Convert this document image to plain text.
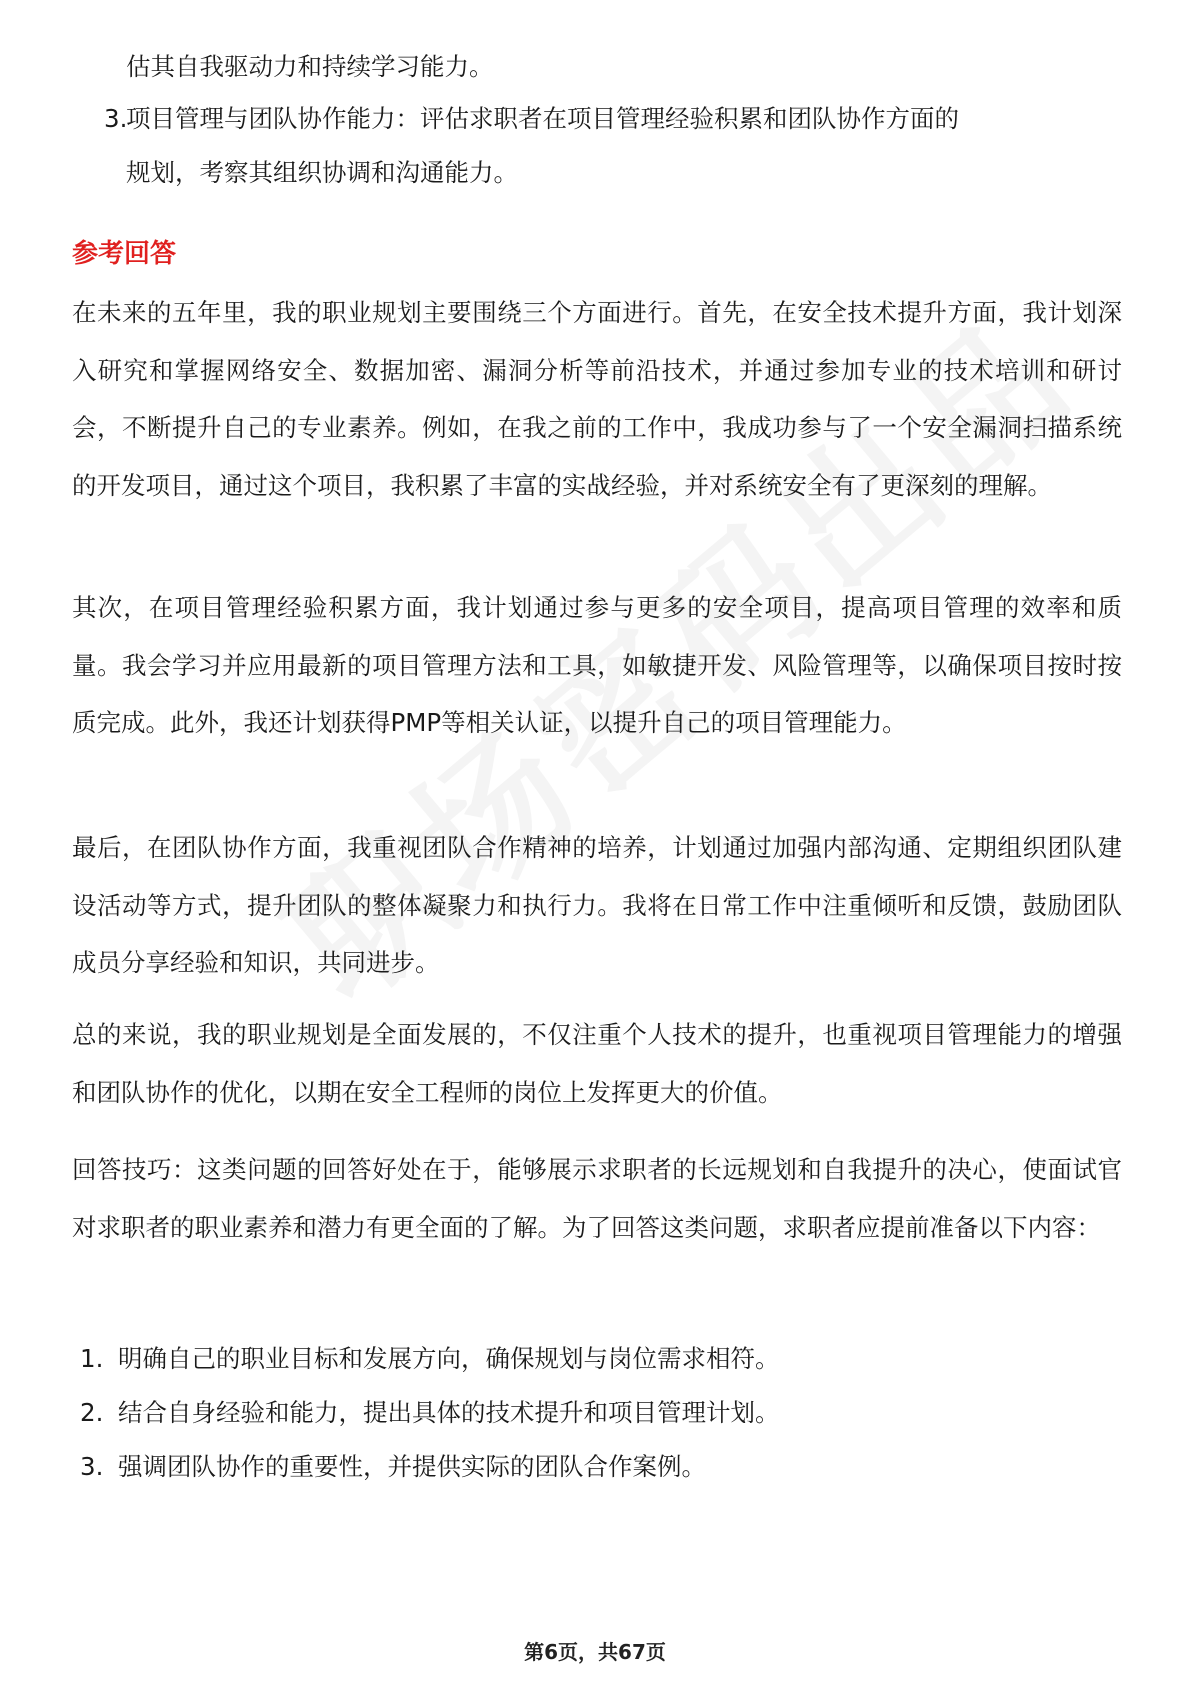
估其自我驱动力和持续学习能力。
3.
项目管理与团队协作能力：评估求职者在项目管理经验积累和团队协作方面的
规划，考察其组织协调和沟通能力。
参考回答

在未来的五年里，我的职业规划主要围绕三个方面进行。首先，在安全技术提升方面，我计划深入研究和掌握网络安全、数据加密、漏洞分析等前沿技术，并通过参加专业的技术培训和研讨会，不断提升自己的专业素养。例如，在我之前的工作中，我成功参与了一个安全漏洞扫描系统的开发项目，通过这个项目，我积累了丰富的实战经验，并对系统安全有了更深刻的理解。

其次，在项目管理经验积累方面，我计划通过参与更多的安全项目，提高项目管理的效率和质量。我会学习并应用最新的项目管理方法和工具，如敏捷开发、风险管理等，以确保项目按时按质完成。此外，我还计划获得PMP等相关认证，以提升自己的项目管理能力。

最后，在团队协作方面，我重视团队合作精神的培养，计划通过加强内部沟通、定期组织团队建设活动等方式，提升团队的整体凝聚力和执行力。我将在日常工作中注重倾听和反馈，鼓励团队成员分享经验和知识，共同进步。

总的来说，我的职业规划是全面发展的，不仅注重个人技术的提升，也重视项目管理能力的增强和团队协作的优化，以期在安全工程师的岗位上发挥更大的价值。

回答技巧：这类问题的回答好处在于，能够展示求职者的长远规划和自我提升的决心，使面试官对求职者的职业素养和潜力有更全面的了解。为了回答这类问题，求职者应提前准备以下内容：

1. 明确自己的职业目标和发展方向，确保规划与岗位需求相符。
2. 结合自身经验和能力，提出具体的技术提升和项目管理计划。
3. 强调团队协作的重要性，并提供实际的团队合作案例。
第6页，共67页
